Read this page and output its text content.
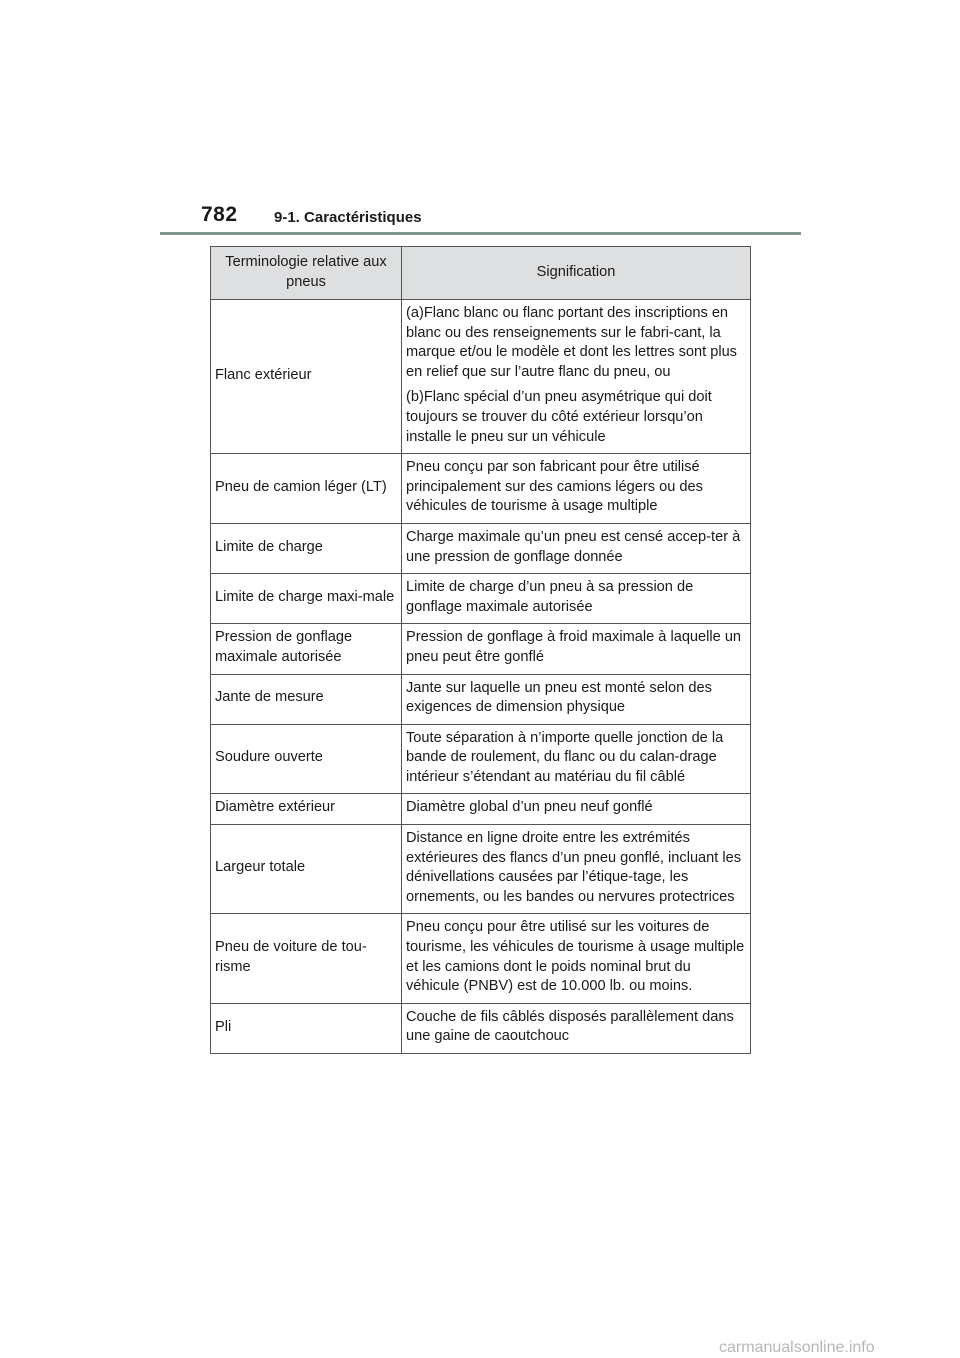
782 9-1. Caractéristiques
Terminologie relative aux pneus	Signification
Flanc extérieur	(a)Flanc blanc ou flanc portant des inscriptions en blanc ou des renseignements sur le fabri-cant, la marque et/ou le modèle et dont les lettres sont plus en relief que sur l’autre flanc du pneu, ou

(b)Flanc spécial d’un pneu asymétrique qui doit toujours se trouver du côté extérieur lorsqu’on installe le pneu sur un véhicule

Pneu de camion léger (LT)	Pneu conçu par son fabricant pour être utilisé principalement sur des camions légers ou des véhicules de tourisme à usage multiple

Limite de charge	Charge maximale qu’un pneu est censé accep-ter à une pression de gonflage donnée

Limite de charge maxi-male	Limite de charge d’un pneu à sa pression de gonflage maximale autorisée

Pression de gonflage maximale autorisée	Pression de gonflage à froid maximale à laquelle un pneu peut être gonflé

Jante de mesure	Jante sur laquelle un pneu est monté selon des exigences de dimension physique

Soudure ouverte	Toute séparation à n’importe quelle jonction de la bande de roulement, du flanc ou du calan-drage intérieur s’étendant au matériau du fil câblé

Diamètre extérieur	Diamètre global d’un pneu neuf gonflé

Largeur totale	Distance en ligne droite entre les extrémités extérieures des flancs d’un pneu gonflé, incluant les dénivellations causées par l’étique-tage, les ornements, ou les bandes ou nervures protectrices

Pneu de voiture de tou-risme	Pneu conçu pour être utilisé sur les voitures de tourisme, les véhicules de tourisme à usage multiple et les camions dont le poids nominal brut du véhicule (PNBV) est de 10.000 lb. ou moins.

Pli	Couche de fils câblés disposés parallèlement dans une gaine de caoutchouc

carmanualsonline.info
